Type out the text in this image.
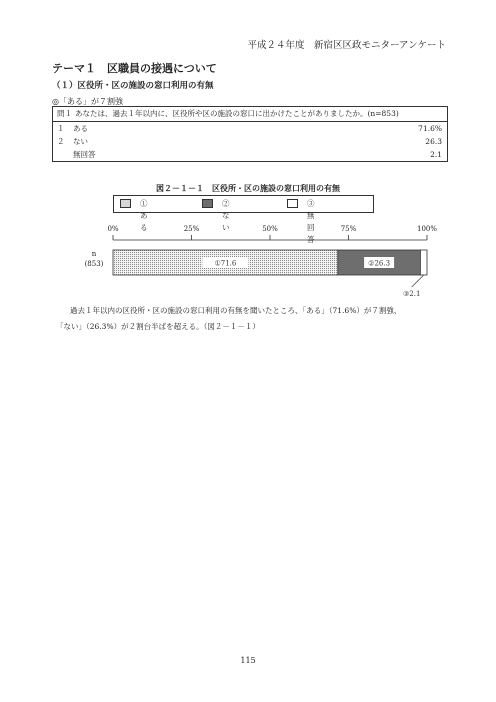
平成２４年度　新宿区区政モニターアンケート
テーマ１　区職員の接遇について
（１）区役所・区の施設の窓口利用の有無
◎「ある」が７割強
問１ あなたは、過去１年以内に、区役所や区の施設の窓口に出かけたことがありましたか。(n=853)
１ ある	71.6%
２ ない	26.3
無回答	2.1
図２－１－１　区役所・区の施設の窓口利用の有無
①ある
②ない
③無回答
0%	25%	50%	75%	100%
n
(853)	①71.6	②26.3
③2.1
過去１年以内の区役所・区の施設の窓口利用の有無を聞いたところ、「ある」（71.6%）が７割強、
「ない」（26.3%）が２割台半ばを超える。（図２－１－１）
115
